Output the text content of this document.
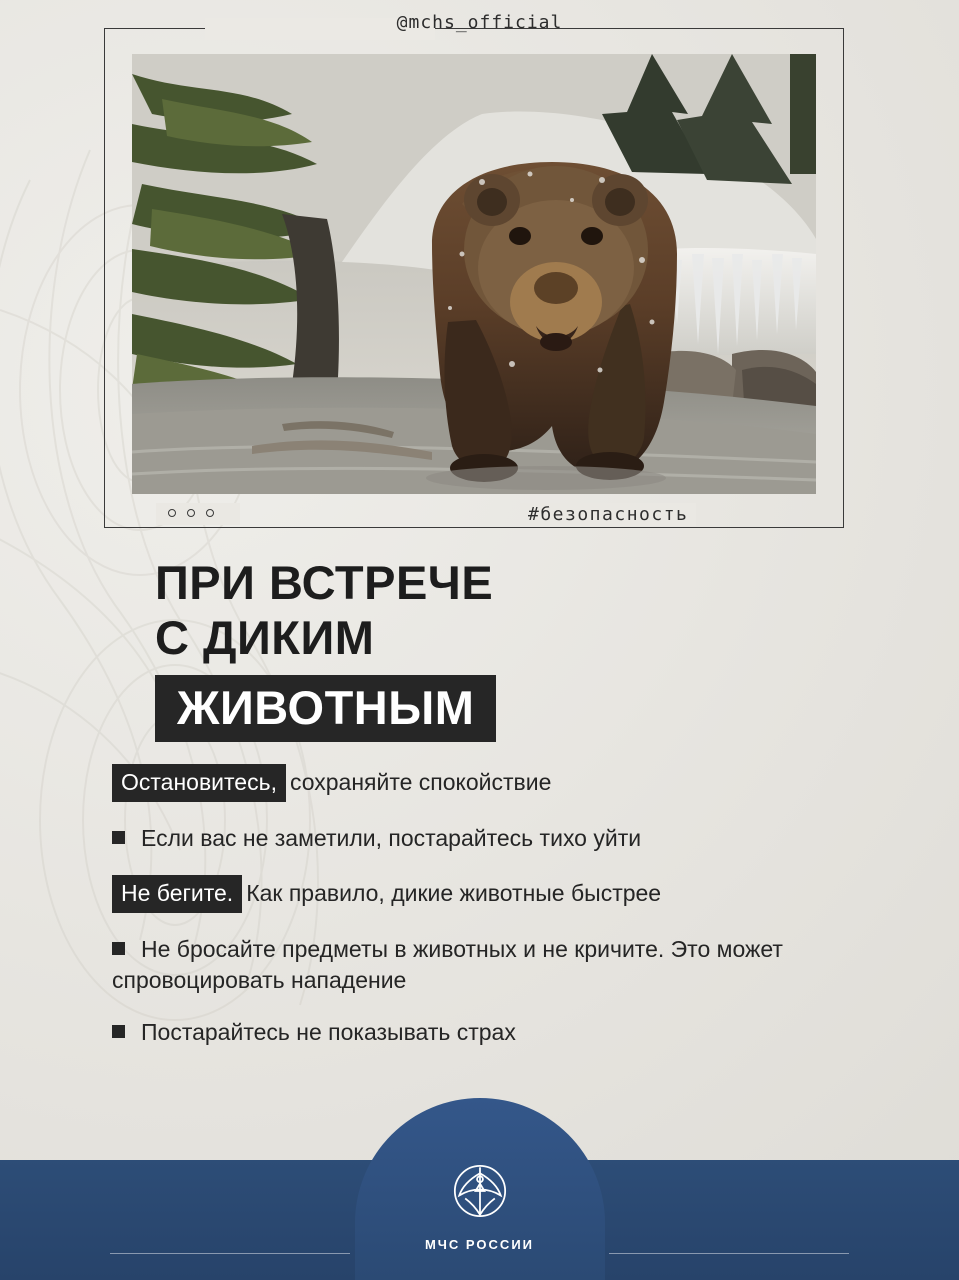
@mchs_official
#безопасность
ПРИ ВСТРЕЧЕ
С ДИКИМ
ЖИВОТНЫМ
Остановитесь, сохраняйте спокойствие
Если вас не заметили, постарайтесь тихо уйти
Не бегите. Как правило, дикие животные быстрее
Не бросайте предметы в животных и не кричите. Это может спровоцировать нападение
Постарайтесь не показывать страх
МЧС РОССИИ
